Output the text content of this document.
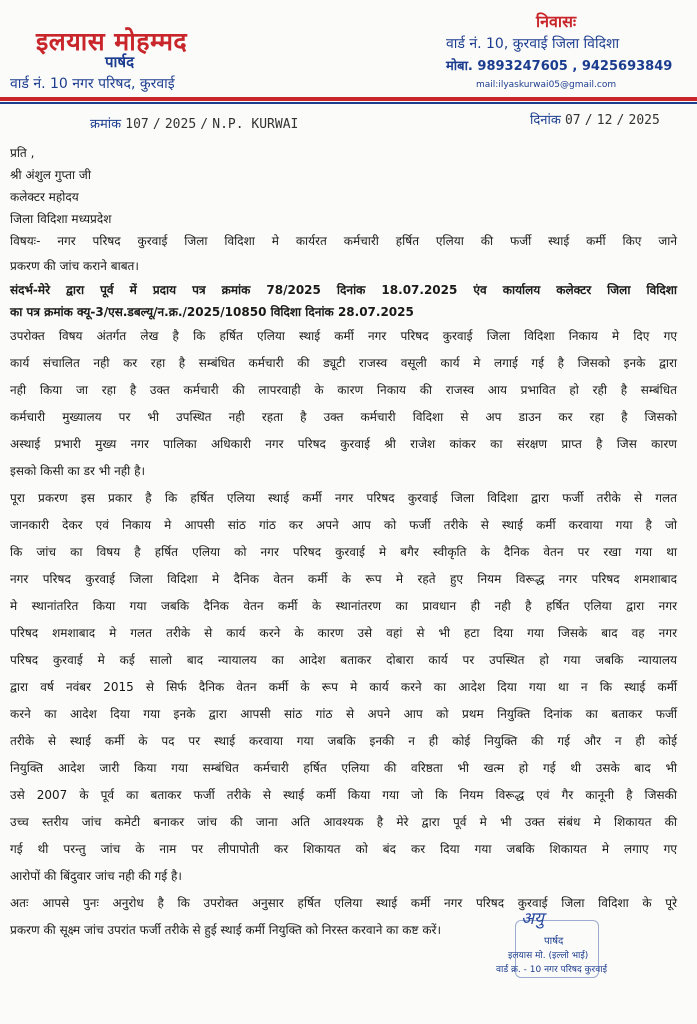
इलयास मोहम्मद
पार्षद
वार्ड नं. 10 नगर परिषद, कुरवाई
निवासः
वार्ड नं. 10, कुरवाई जिला विदिशा
मोबा. 9893247605 , 9425693849
mail:ilyaskurwai05@gmail.com
क्रमांक 107 / 2025 / N.P. KURWAI	दिनांक 07 / 12 / 2025
प्रति ,
श्री अंशुल गुप्ता जी
कलेक्टर महोदय
जिला विदिशा मध्यप्रदेश
विषयः- नगर परिषद कुरवाई जिला विदिशा मे कार्यरत कर्मचारी हर्षित एलिया की फर्जी स्थाई कर्मी किए जाने
प्रकरण की जांच कराने बाबत।
संदर्भ-मेरे द्वारा पूर्व में प्रदाय पत्र क्रमांक 78/2025 दिनांक 18.07.2025 एंव कार्यालय कलेक्टर जिला विदिशा
का पत्र क्रमांक क्यू-3/एस.डबल्यू/न.क्र./2025/10850 विदिशा दिनांक 28.07.2025
उपरोक्त विषय अंतर्गत लेख है कि हर्षित एलिया स्थाई कर्मी नगर परिषद कुरवाई जिला विदिशा निकाय मे दिए गए
कार्य संचालित नही कर रहा है सम्बंधित कर्मचारी की ड्यूटी राजस्व वसूली कार्य मे लगाई गई है जिसको इनके द्वारा
नही किया जा रहा है उक्त कर्मचारी की लापरवाही के कारण निकाय की राजस्व आय प्रभावित हो रही है सम्बंधित
कर्मचारी मुख्यालय पर भी उपस्थित नही रहता है उक्त कर्मचारी विदिशा से अप डाउन कर रहा है जिसको
अस्थाई प्रभारी मुख्य नगर पालिका अधिकारी नगर परिषद कुरवाई श्री राजेश कांकर का संरक्षण प्राप्त है जिस कारण
इसको किसी का डर भी नही है।
पूरा प्रकरण इस प्रकार है कि हर्षित एलिया स्थाई कर्मी नगर परिषद कुरवाई जिला विदिशा द्वारा फर्जी तरीके से गलत
जानकारी देकर एवं निकाय मे आपसी सांठ गांठ कर अपने आप को फर्जी तरीके से स्थाई कर्मी करवाया गया है जो
कि जांच का विषय है हर्षित एलिया को नगर परिषद कुरवाई मे बगैर स्वीकृति के दैनिक वेतन पर रखा गया था
नगर परिषद कुरवाई जिला विदिशा मे दैनिक वेतन कर्मी के रूप मे रहते हुए नियम विरूद्ध नगर परिषद शमशाबाद
मे स्थानांतरित किया गया जबकि दैनिक वेतन कर्मी के स्थानांतरण का प्रावधान ही नही है हर्षित एलिया द्वारा नगर
परिषद शमशाबाद मे गलत तरीके से कार्य करने के कारण उसे वहां से भी हटा दिया गया जिसके बाद वह नगर
परिषद कुरवाई मे कई सालो बाद न्यायालय का आदेश बताकर दोबारा कार्य पर उपस्थित हो गया जबकि न्यायालय
द्वारा वर्ष नवंबर 2015 से सिर्फ दैनिक वेतन कर्मी के रूप मे कार्य करने का आदेश दिया गया था न कि स्थाई कर्मी
करने का आदेश दिया गया इनके द्वारा आपसी सांठ गांठ से अपने आप को प्रथम नियुक्ति दिनांक का बताकर फर्जी
तरीके से स्थाई कर्मी के पद पर स्थाई करवाया गया जबकि इनकी न ही कोई नियुक्ति की गई और न ही कोई
नियुक्ति आदेश जारी किया गया सम्बंधित कर्मचारी हर्षित एलिया की वरिष्ठता भी खत्म हो गई थी उसके बाद भी
उसे 2007 के पूर्व का बताकर फर्जी तरीके से स्थाई कर्मी किया गया जो कि नियम विरूद्ध एवं गैर कानूनी है जिसकी
उच्च स्तरीय जांच कमेटी बनाकर जांच की जाना अति आवश्यक है मेरे द्वारा पूर्व मे भी उक्त संबंध मे शिकायत की
गई थी परन्तु जांच के नाम पर लीपापोती कर शिकायत को बंद कर दिया गया जबकि शिकायत मे लगाए गए
आरोपों की बिंदुवार जांच नही की गई है।
अतः आपसे पुनः अनुरोध है कि उपरोक्त अनुसार हर्षित एलिया स्थाई कर्मी नगर परिषद कुरवाई जिला विदिशा के पूरे
प्रकरण की सूक्ष्म जांच उपरांत फर्जी तरीके से हुई स्थाई कर्मी नियुक्ति को निरस्त करवाने का कष्ट करें।
अयु
पार्षद
इलयास मो. (इल्लो भाई)
वार्ड क्र. - 10 नगर परिषद कुरवाई
